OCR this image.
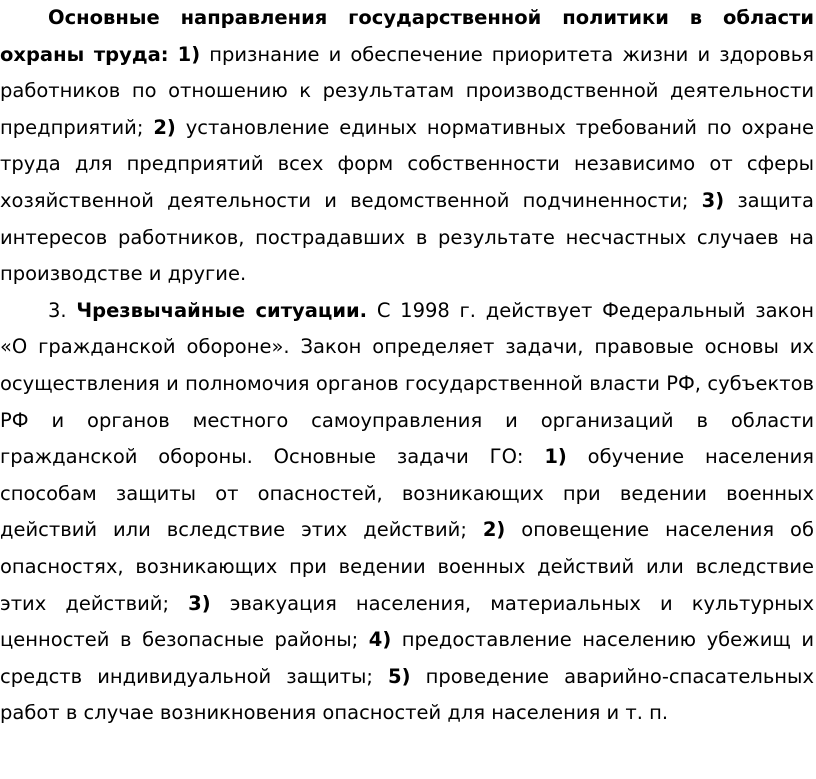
Основные направления государственной политики в области охраны труда: 1) признание и обеспечение приоритета жизни и здоровья работников по отношению к результатам производственной деятельности предприятий; 2) установление единых нормативных требований по охране труда для предприятий всех форм собственности независимо от сферы хозяйственной деятельности и ведомственной подчиненности; 3) защита интересов работников, пострадавших в результате несчастных случаев на производстве и другие.

3. Чрезвычайные ситуации. С 1998 г. действует Федеральный закон «О гражданской обороне». Закон определяет задачи, правовые основы их осуществления и полномочия органов государственной власти РФ, субъектов РФ и органов местного самоуправления и организаций в области гражданской обороны. Основные задачи ГО: 1) обучение населения способам защиты от опасностей, возникающих при ведении военных действий или вследствие этих действий; 2) оповещение населения об опасностях, возникающих при ведении военных действий или вследствие этих действий; 3) эвакуация населения, материальных и культурных ценностей в безопасные районы; 4) предоставление населению убежищ и средств индивидуальной защиты; 5) проведение аварийно-спасательных работ в случае возникновения опасностей для населения и т. п.
